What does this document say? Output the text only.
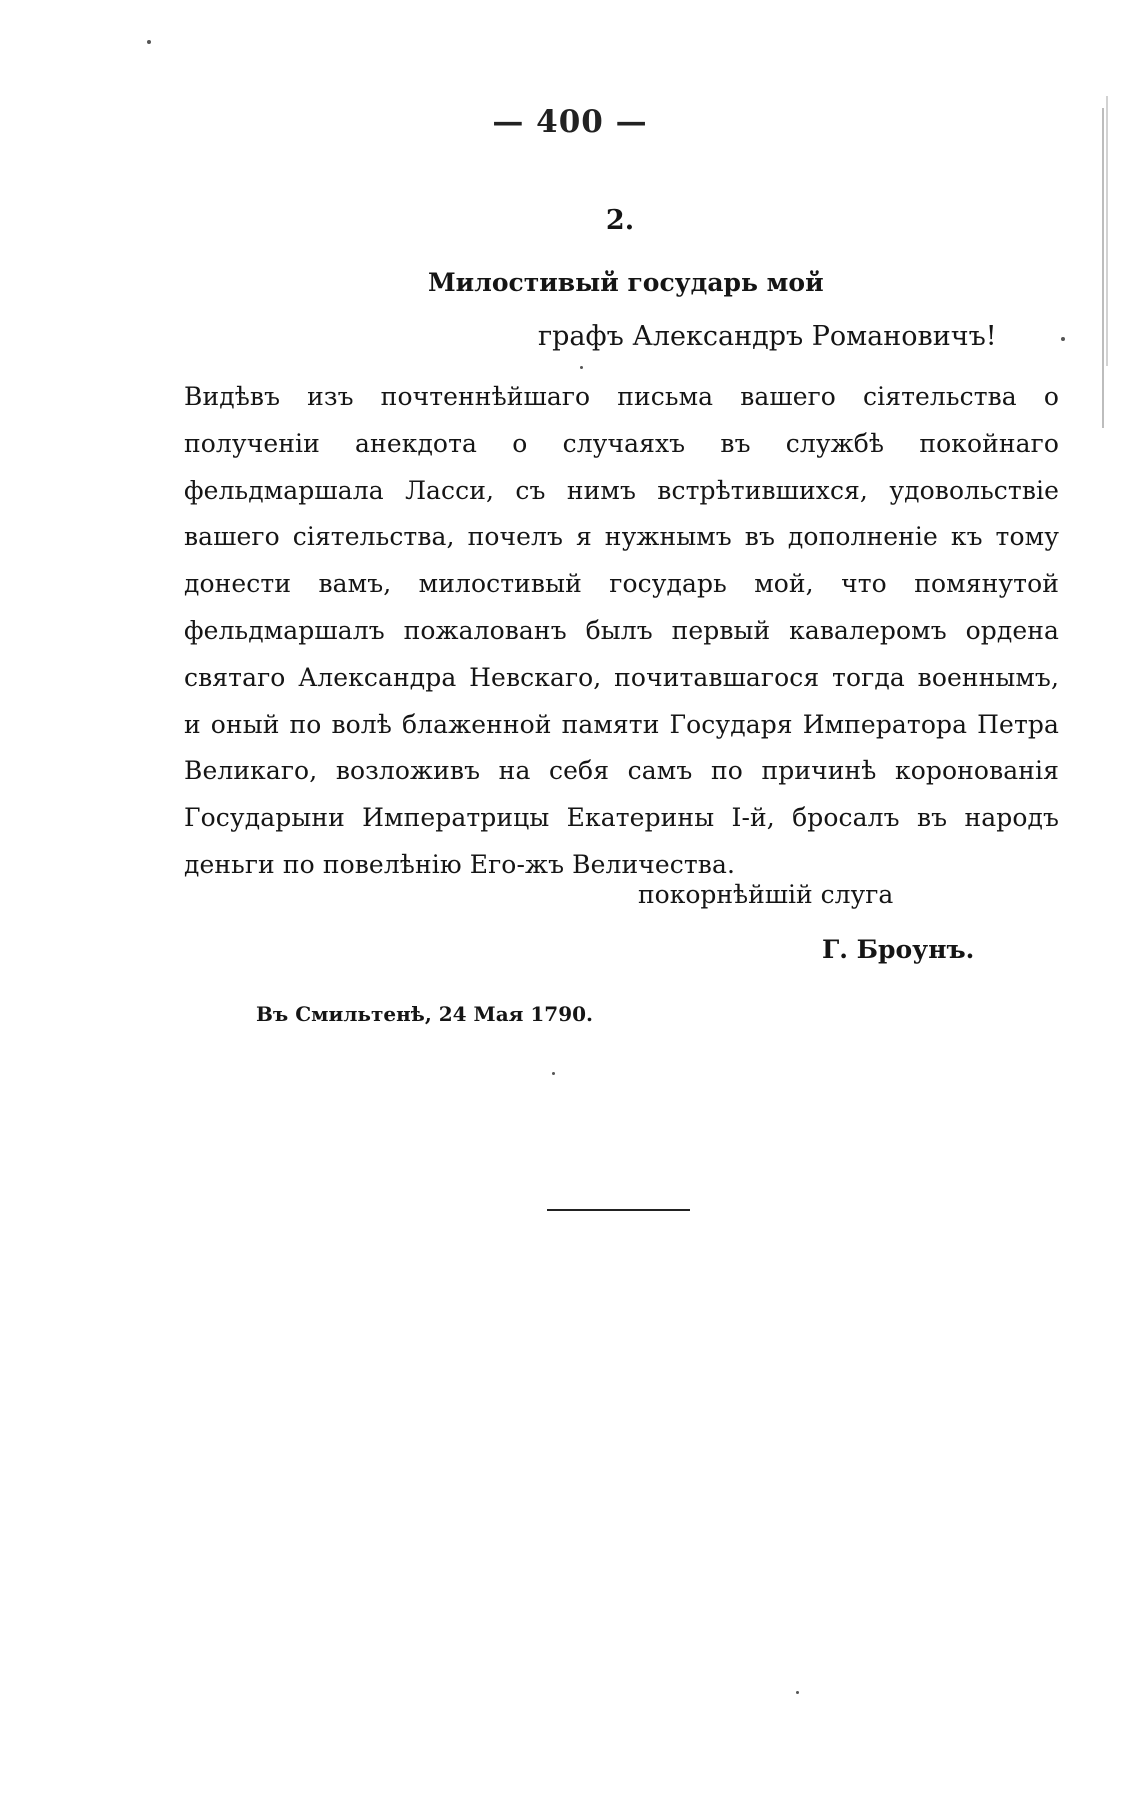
— 400 —
2.
Милостивый государь мой
графъ Александръ Романовичъ!

Видѣвъ изъ почтеннѣйшаго письма вашего сіятельства о полученіи анекдота о случаяхъ въ службѣ покойнаго фельдмаршала Ласси, съ нимъ встрѣтившихся, удовольствіе вашего сіятельства, почелъ я нужнымъ въ дополненіе къ тому донести вамъ, милостивый государь мой, что помянутой фельдмаршалъ пожалованъ былъ первый кавалеромъ ордена святаго Александра Невскаго, почитавшагося тогда военнымъ, и оный по волѣ блаженной памяти Государя Императора Петра Великаго, возложивъ на себя самъ по причинѣ коронованія Государыни Императрицы Екатерины I-й, бросалъ въ народъ деньги по повелѣнію Его-жъ Величества.

покорнѣйшій слуга
Г. Броунъ.
Въ Смильтенѣ, 24 Мая 1790.
